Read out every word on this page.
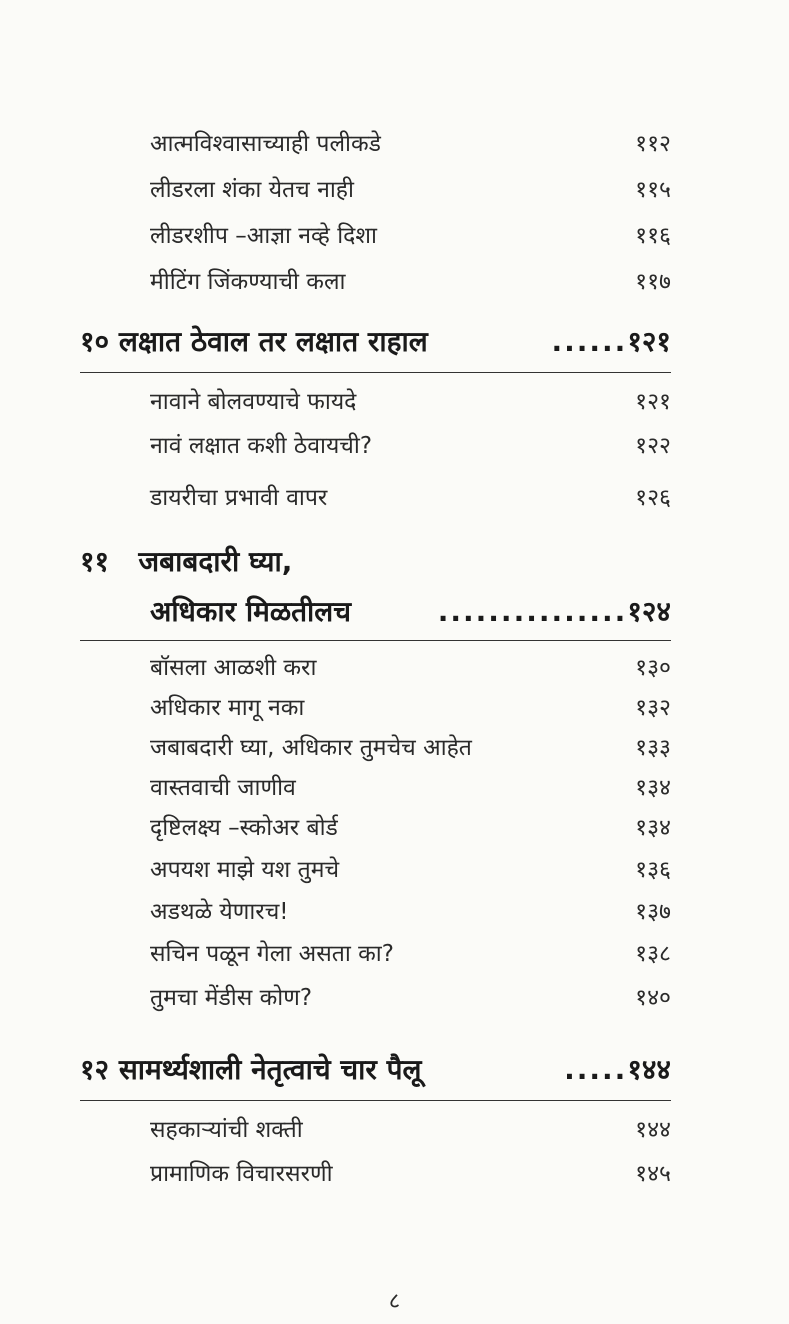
आत्मविश्वासाच्याही पलीकडे	११२
लीडरला शंका येतच नाही	११५
लीडरशीप –आज्ञा नव्हे दिशा	११६
मीटिंग जिंकण्याची कला	११७
१० लक्षात ठेवाल तर लक्षात राहाल	......१२१
नावाने बोलवण्याचे फायदे	१२१
नावं लक्षात कशी ठेवायची?	१२२
डायरीचा प्रभावी वापर	१२६
११ जबाबदारी घ्या,
अधिकार मिळतीलच	...............१२४
बॉसला आळशी करा	१३०
अधिकार मागू नका	१३२
जबाबदारी घ्या, अधिकार तुमचेच आहेत	१३३
वास्तवाची जाणीव	१३४
दृष्टिलक्ष्य –स्कोअर बोर्ड	१३४
अपयश माझे यश तुमचे	१३६
अडथळे येणारच!	१३७
सचिन पळून गेला असता का?	१३८
तुमचा मेंडीस कोण?	१४०
१२ सामर्थ्यशाली नेतृत्वाचे चार पैलू	.....१४४
सहकाऱ्यांची शक्ती	१४४
प्रामाणिक विचारसरणी	१४५
८
